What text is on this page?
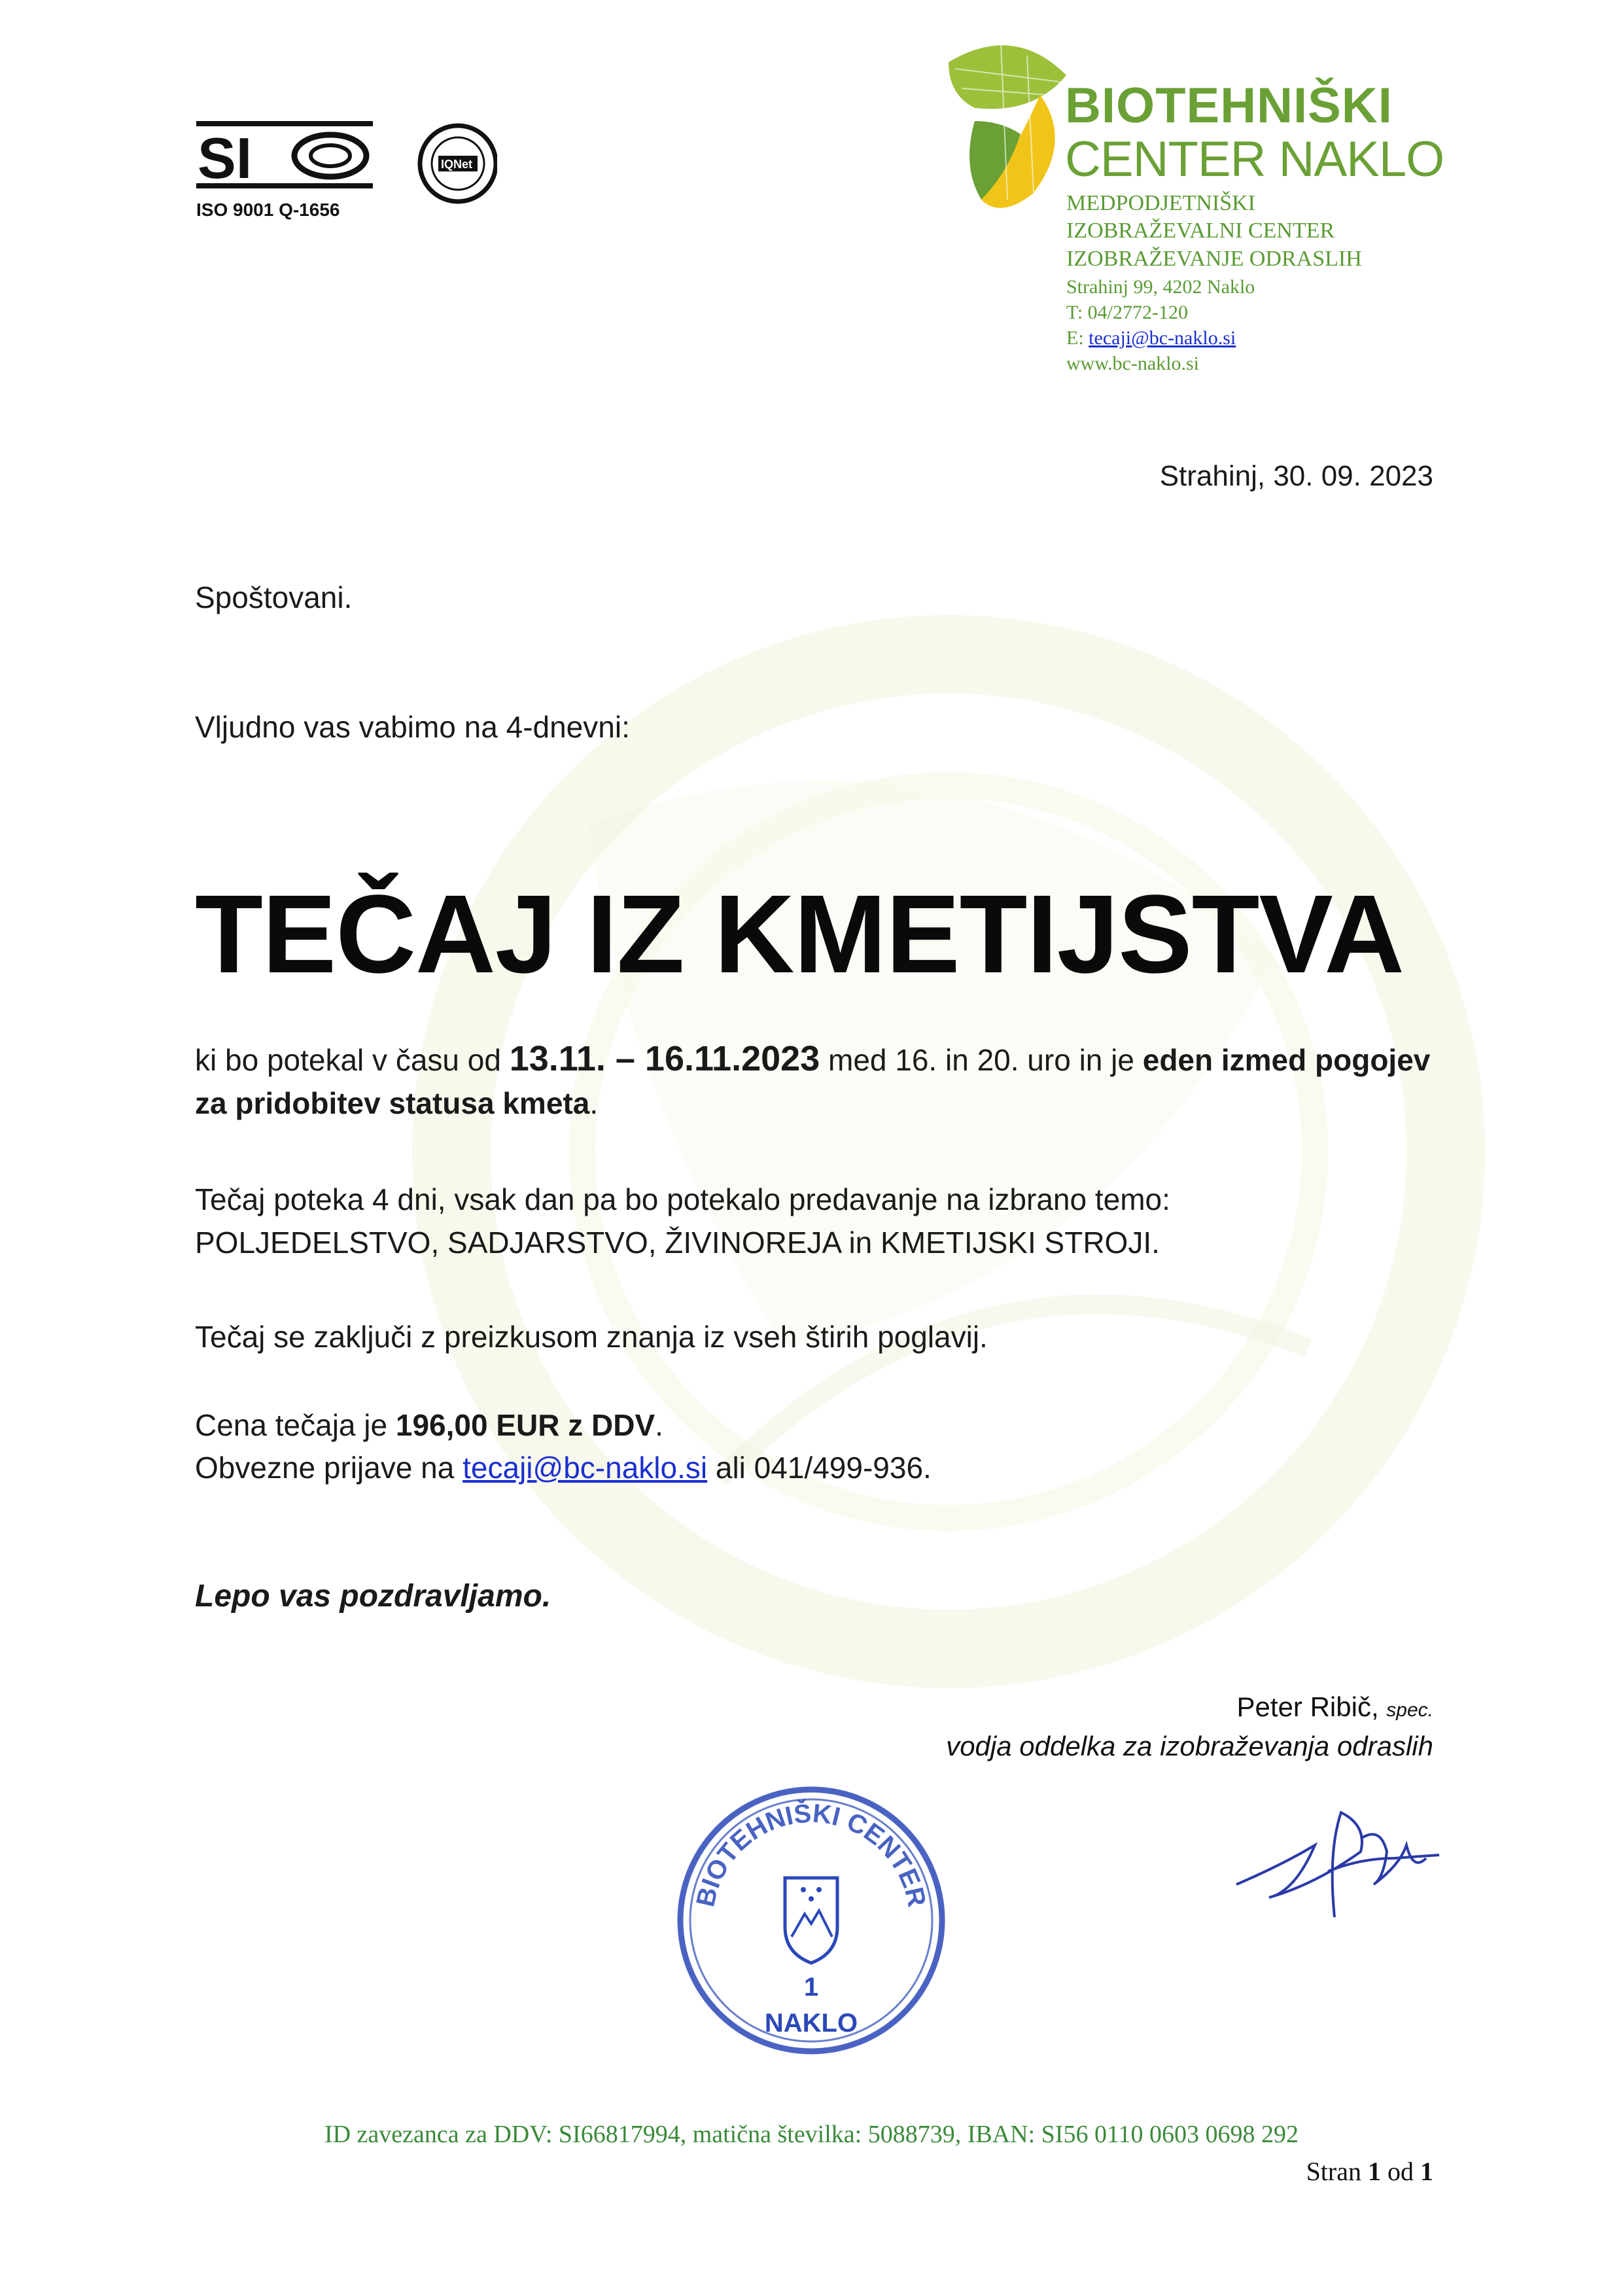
SI
ISO 9001 Q-1656
IQNet
BIOTEHNIŠKI
CENTER NAKLO
MEDPODJETNIŠKI
IZOBRAŽEVALNI CENTER
IZOBRAŽEVANJE ODRASLIH
Strahinj 99, 4202 Naklo
T: 04/2772-120
E: tecaji@bc-naklo.si
www.bc-naklo.si
Strahinj, 30. 09. 2023
Spoštovani.
Vljudno vas vabimo na 4-dnevni:
TEČAJ IZ KMETIJSTVA
ki bo potekal v času od 13.11. – 16.11.2023 med 16. in 20. uro in je eden izmed pogojev za pridobitev statusa kmeta.
Tečaj poteka 4 dni, vsak dan pa bo potekalo predavanje na izbrano temo:
POLJEDELSTVO, SADJARSTVO, ŽIVINOREJA in KMETIJSKI STROJI.
Tečaj se zaključi z preizkusom znanja iz vseh štirih poglavij.
Cena tečaja je 196,00 EUR z DDV.
Obvezne prijave na tecaji@bc-naklo.si ali 041/499-936.
Lepo vas pozdravljamo.
Peter Ribič, spec.
vodja oddelka za izobraževanja odraslih
BIOTEHNIŠKI CENTER
1
NAKLO
ID zavezanca za DDV: SI66817994, matična številka: 5088739, IBAN: SI56 0110 0603 0698 292
Stran 1 od 1
